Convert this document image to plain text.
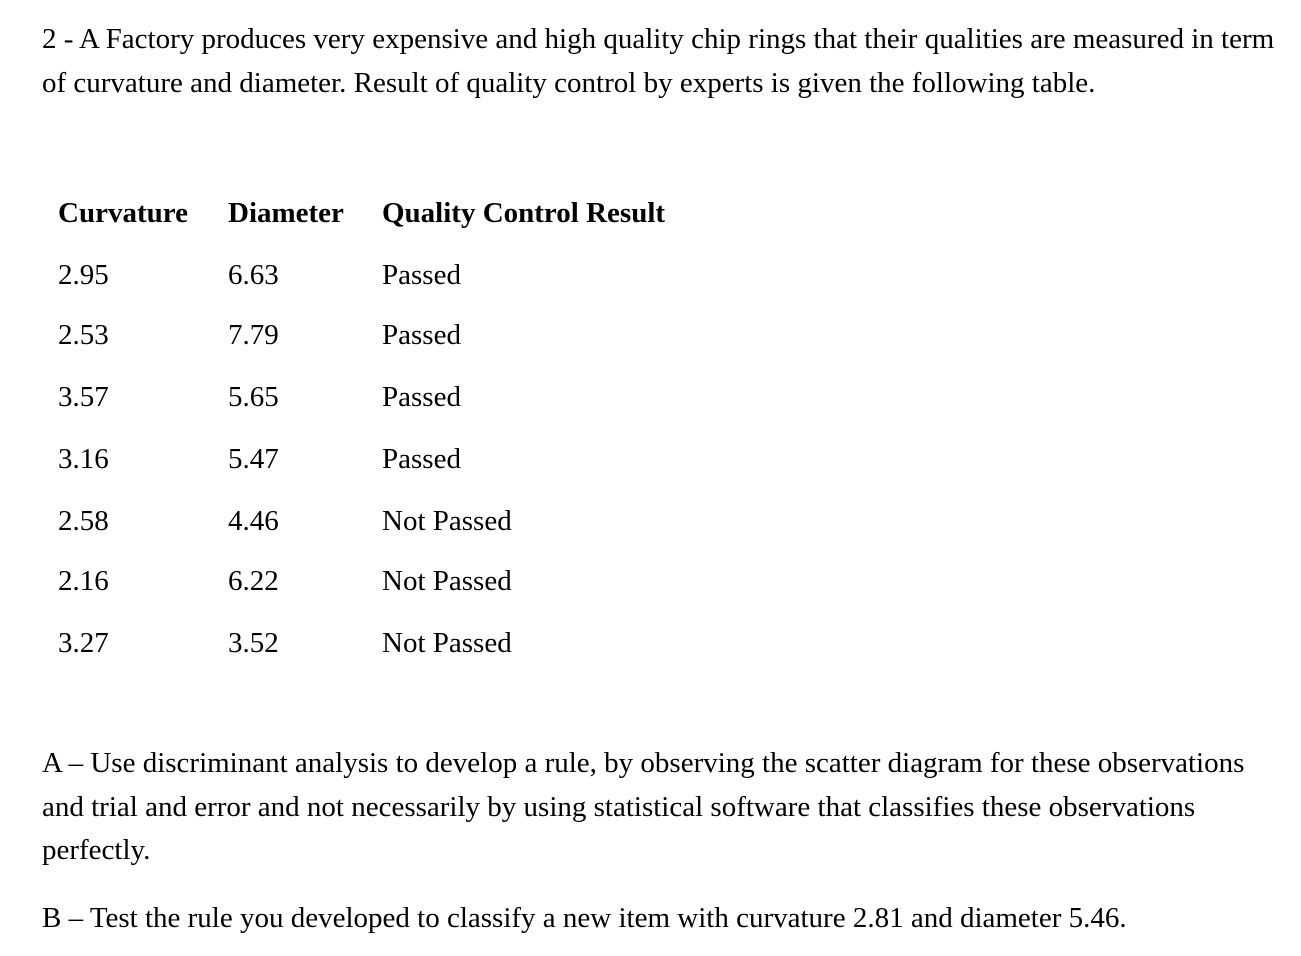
2 - A Factory produces very expensive and high quality chip rings that their qualities are measured in term of curvature and diameter. Result of quality control by experts is given the following table.

Curvature Diameter Quality Control Result
2.95	6.63	Passed
2.53	7.79	Passed
3.57	5.65	Passed
3.16	5.47	Passed
2.58	4.46	Not Passed
2.16	6.22	Not Passed
3.27	3.52	Not Passed

A – Use discriminant analysis to develop a rule, by observing the scatter diagram for these observations and trial and error and not necessarily by using statistical software that classifies these observations perfectly.

B – Test the rule you developed to classify a new item with curvature 2.81 and diameter 5.46.
